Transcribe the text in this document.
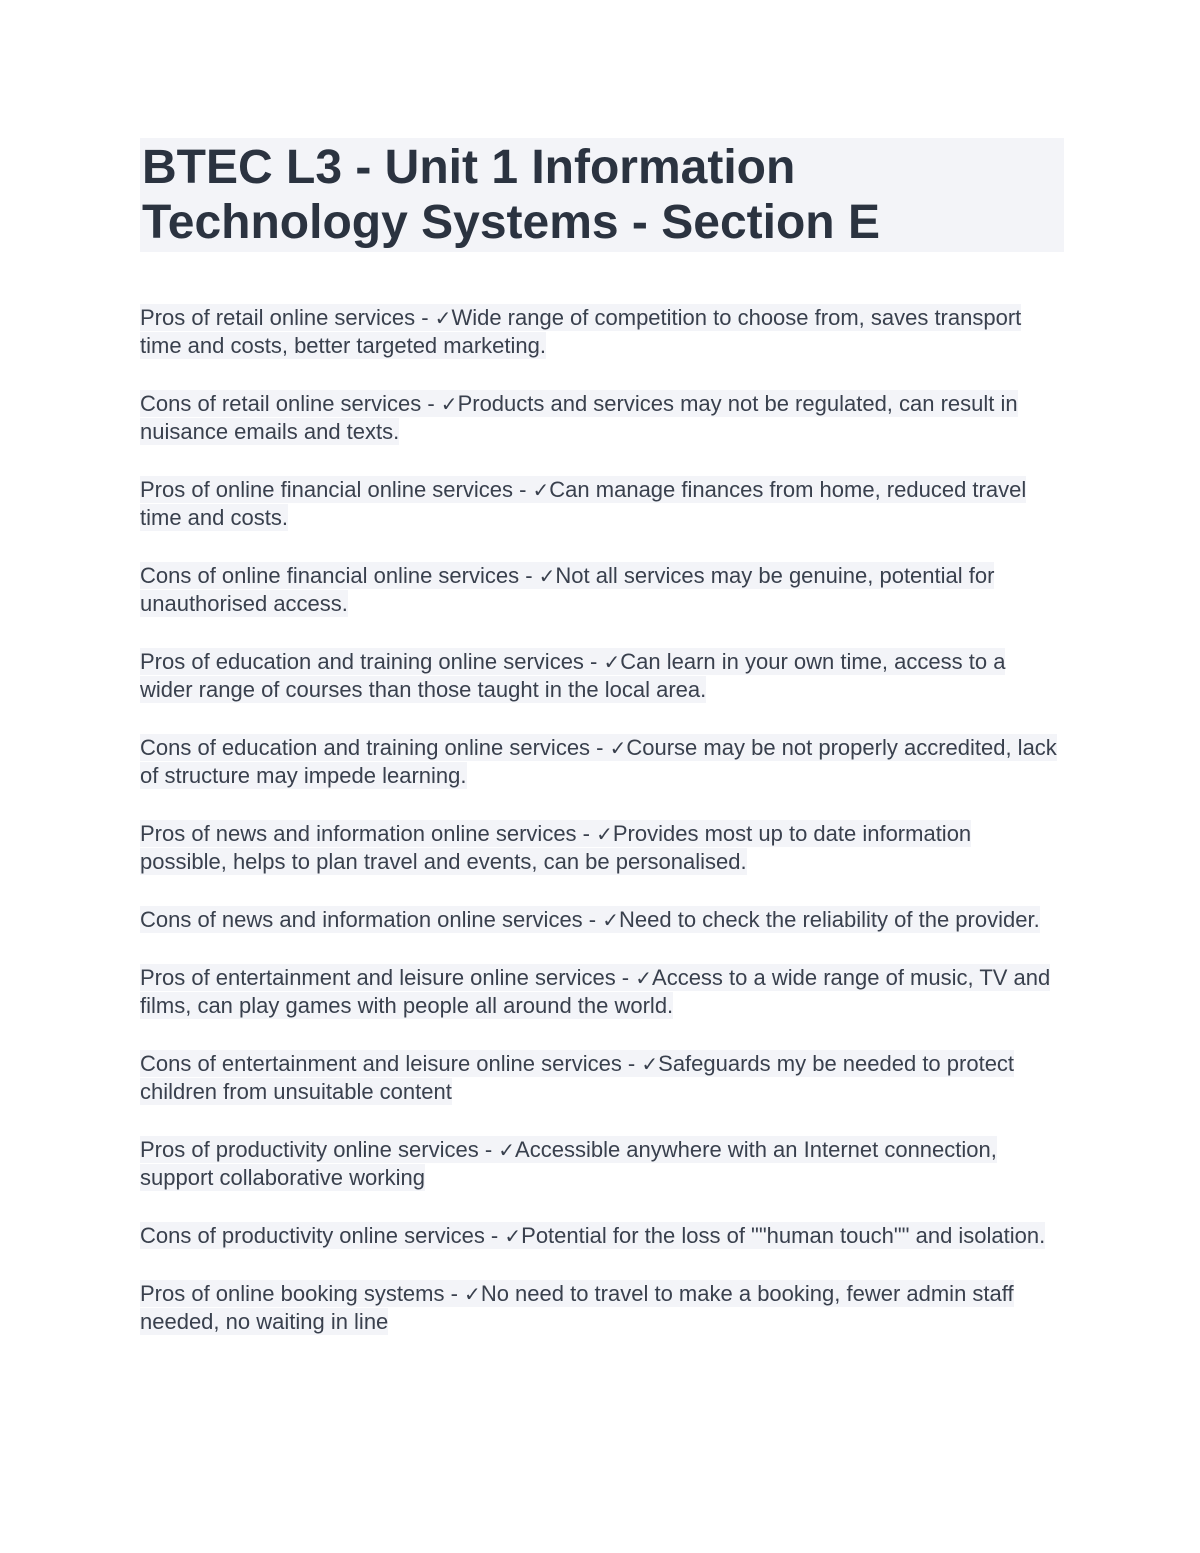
BTEC L3 - Unit 1 Information Technology Systems - Section E

Pros of retail online services - ✓Wide range of competition to choose from, saves transport time and costs, better targeted marketing.

Cons of retail online services - ✓Products and services may not be regulated, can result in nuisance emails and texts.

Pros of online financial online services - ✓Can manage finances from home, reduced travel time and costs.

Cons of online financial online services - ✓Not all services may be genuine, potential for unauthorised access.

Pros of education and training online services - ✓Can learn in your own time, access to a wider range of courses than those taught in the local area.

Cons of education and training online services - ✓Course may be not properly accredited, lack of structure may impede learning.

Pros of news and information online services - ✓Provides most up to date information possible, helps to plan travel and events, can be personalised.

Cons of news and information online services - ✓Need to check the reliability of the provider.

Pros of entertainment and leisure online services - ✓Access to a wide range of music, TV and films, can play games with people all around the world.

Cons of entertainment and leisure online services - ✓Safeguards my be needed to protect children from unsuitable content

Pros of productivity online services - ✓Accessible anywhere with an Internet connection, support collaborative working

Cons of productivity online services - ✓Potential for the loss of ""human touch"" and isolation.

Pros of online booking systems - ✓No need to travel to make a booking, fewer admin staff needed, no waiting in line
